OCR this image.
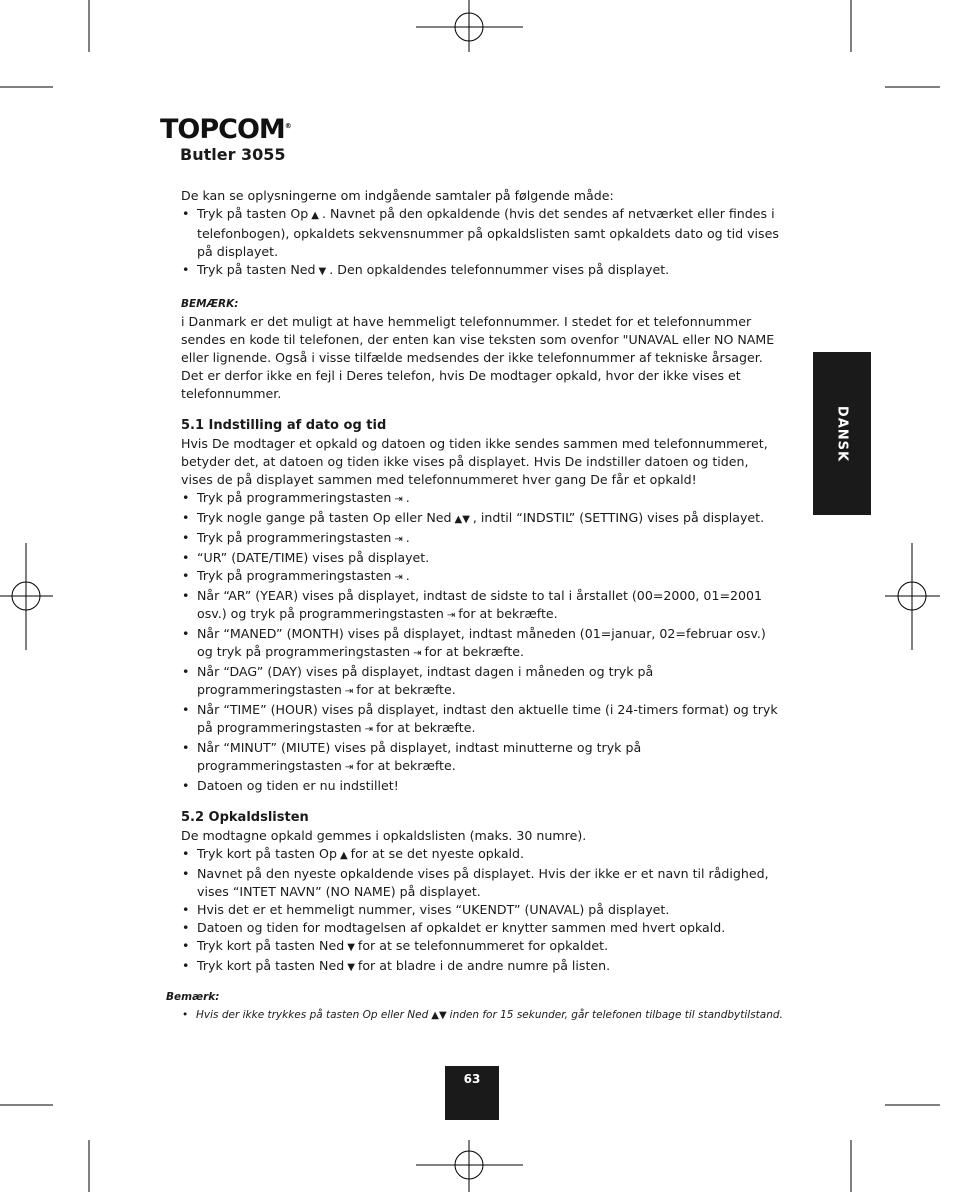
TOPCOM®
Butler 3055
DANSK

De kan se oplysningerne om indgående samtaler på følgende måde:

• Tryk på tasten Op ▲ . Navnet på den opkaldende (hvis det sendes af netværket eller findes i telefonbogen), opkaldets sekvensnummer på opkaldslisten samt opkaldets dato og tid vises på displayet.
• Tryk på tasten Ned ▼ . Den opkaldendes telefonnummer vises på displayet.

BEMÆRK:

i Danmark er det muligt at have hemmeligt telefonnummer. I stedet for et telefonnummer sendes en kode til telefonen, der enten kan vise teksten som ovenfor "UNAVAL eller NO NAME eller lignende. Også i visse tilfælde medsendes der ikke telefonnummer af tekniske årsager. Det er derfor ikke en fejl i Deres telefon, hvis De modtager opkald, hvor der ikke vises et telefonnummer.

5.1 Indstilling af dato og tid

Hvis De modtager et opkald og datoen og tiden ikke sendes sammen med telefonnummeret, betyder det, at datoen og tiden ikke vises på displayet. Hvis De indstiller datoen og tiden, vises de på displayet sammen med telefonnummeret hver gang De får et opkald!

• Tryk på programmeringstasten ⇥ .
• Tryk nogle gange på tasten Op eller Ned ▲▼ , indtil “INDSTIL” (SETTING) vises på displayet.
• Tryk på programmeringstasten ⇥ .
• “UR” (DATE/TIME) vises på displayet.
• Tryk på programmeringstasten ⇥ .
• Når “AR” (YEAR) vises på displayet, indtast de sidste to tal i årstallet (00=2000, 01=2001 osv.) og tryk på programmeringstasten ⇥ for at bekræfte.
• Når “MANED” (MONTH) vises på displayet, indtast måneden (01=januar, 02=februar osv.) og tryk på programmeringstasten ⇥ for at bekræfte.
• Når “DAG” (DAY) vises på displayet, indtast dagen i måneden og tryk på programmeringstasten ⇥ for at bekræfte.
• Når “TIME” (HOUR) vises på displayet, indtast den aktuelle time (i 24-timers format) og tryk på programmeringstasten ⇥ for at bekræfte.
• Når “MINUT” (MIUTE) vises på displayet, indtast minutterne og tryk på programmeringstasten ⇥ for at bekræfte.
• Datoen og tiden er nu indstillet!
5.2 Opkaldslisten

De modtagne opkald gemmes i opkaldslisten (maks. 30 numre).

• Tryk kort på tasten Op ▲ for at se det nyeste opkald.
• Navnet på den nyeste opkaldende vises på displayet. Hvis der ikke er et navn til rådighed, vises “INTET NAVN” (NO NAME) på displayet.
• Hvis det er et hemmeligt nummer, vises “UKENDT” (UNAVAL) på displayet.
• Datoen og tiden for modtagelsen af opkaldet er knytter sammen med hvert opkald.
• Tryk kort på tasten Ned ▼ for at se telefonnummeret for opkaldet.
• Tryk kort på tasten Ned ▼ for at bladre i de andre numre på listen.

Bemærk:

• Hvis der ikke trykkes på tasten Op eller Ned ▲▼ inden for 15 sekunder, går telefonen tilbage til standbytilstand.
63
